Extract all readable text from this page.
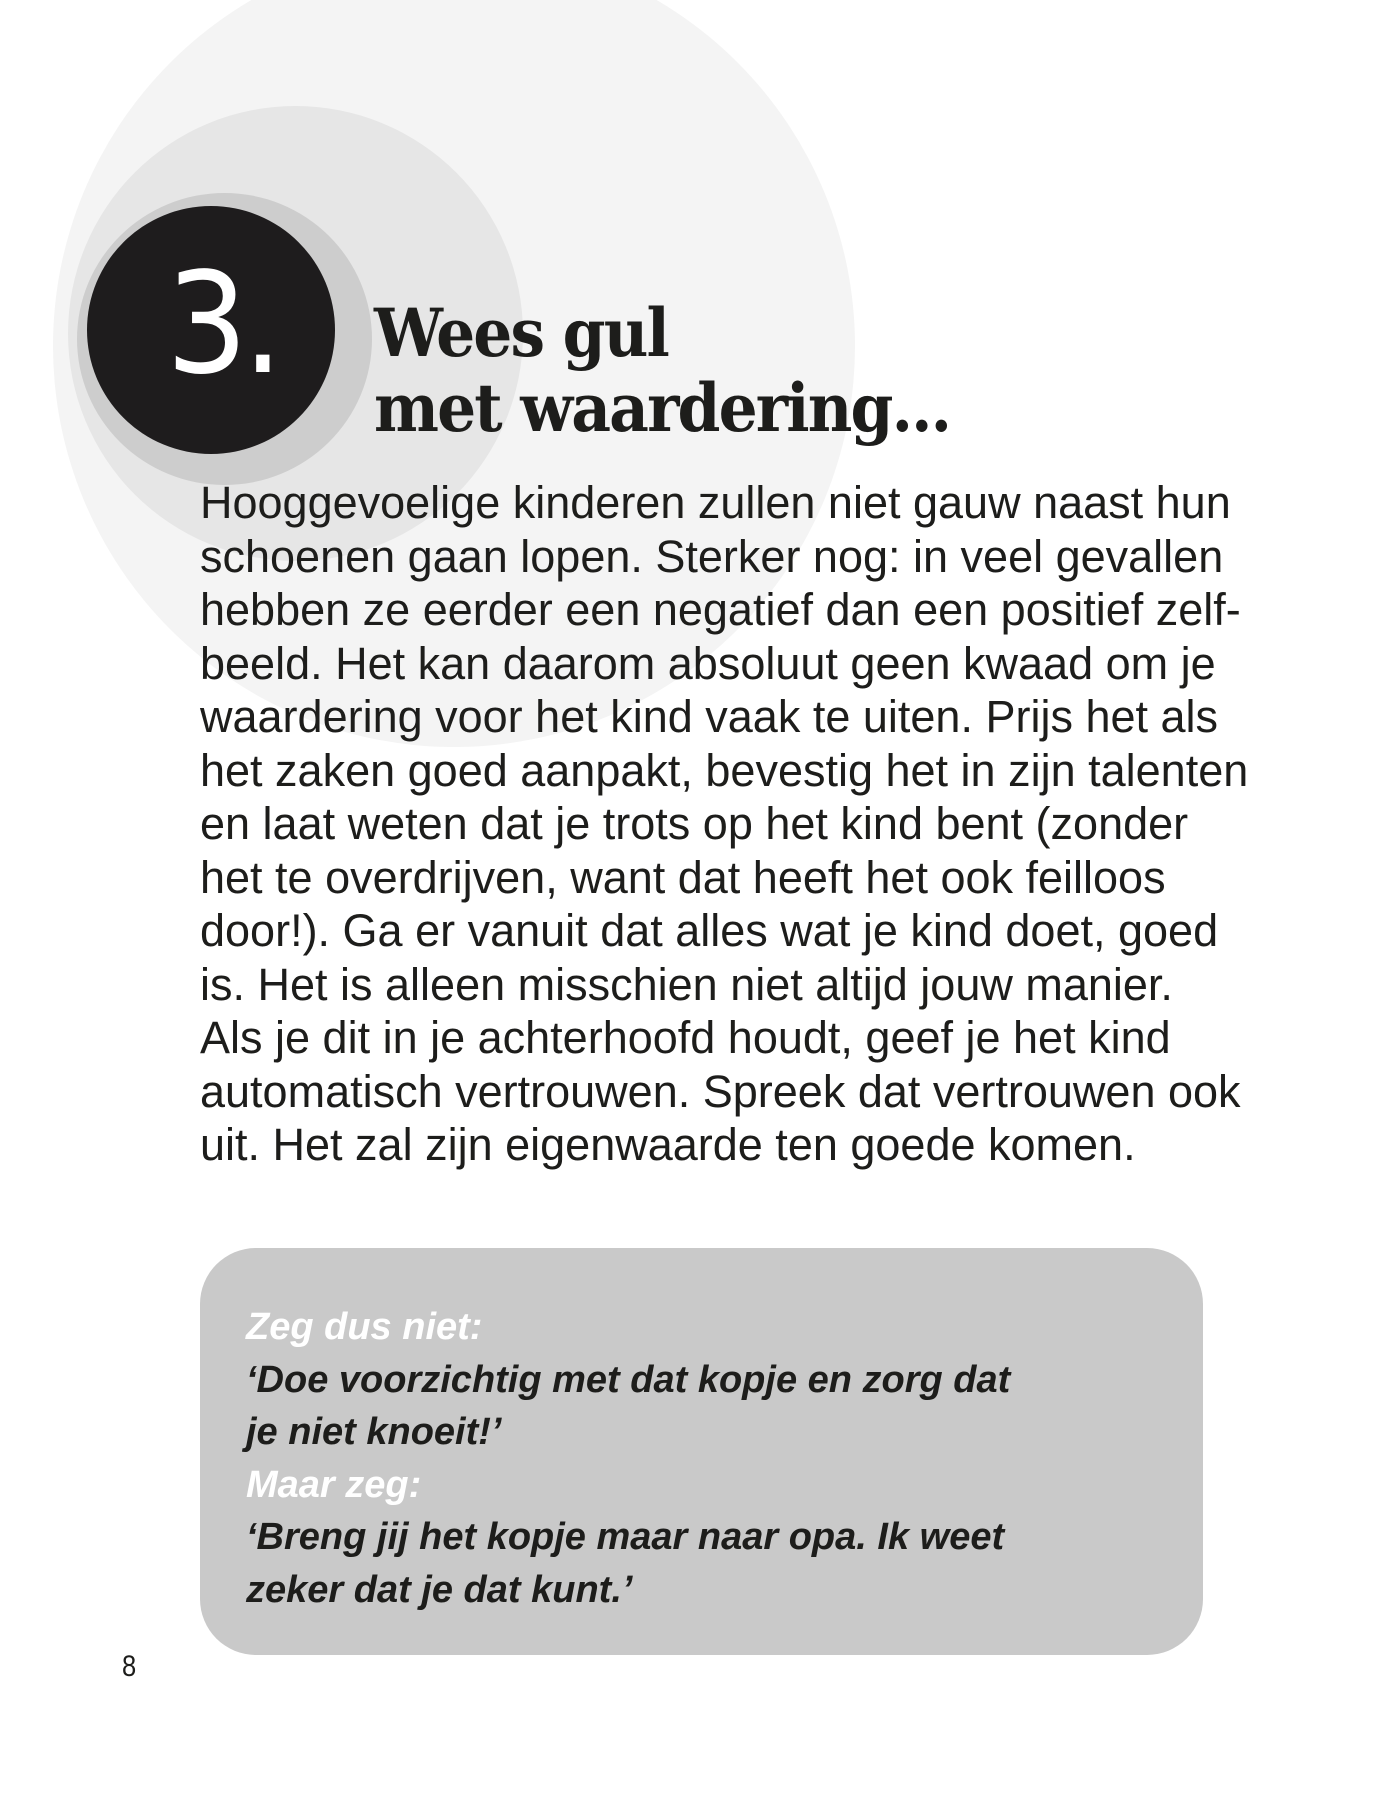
3. Wees gul
met waardering...

Hooggevoelige kinderen zullen niet gauw naast hun
schoenen gaan lopen. Sterker nog: in veel gevallen
hebben ze eerder een negatief dan een positief zelf-
beeld. Het kan daarom absoluut geen kwaad om je
waardering voor het kind vaak te uiten. Prijs het als
het zaken goed aanpakt, bevestig het in zijn talenten
en laat weten dat je trots op het kind bent (zonder
het te overdrijven, want dat heeft het ook feilloos
door!). Ga er vanuit dat alles wat je kind doet, goed
is. Het is alleen misschien niet altijd jouw manier.
Als je dit in je achterhoofd houdt, geef je het kind
automatisch vertrouwen. Spreek dat vertrouwen ook
uit. Het zal zijn eigenwaarde ten goede komen.

Zeg dus niet:
‘Doe voorzichtig met dat kopje en zorg dat
je niet knoeit!’
Maar zeg:
‘Breng jij het kopje maar naar opa. Ik weet
zeker dat je dat kunt.’
8
